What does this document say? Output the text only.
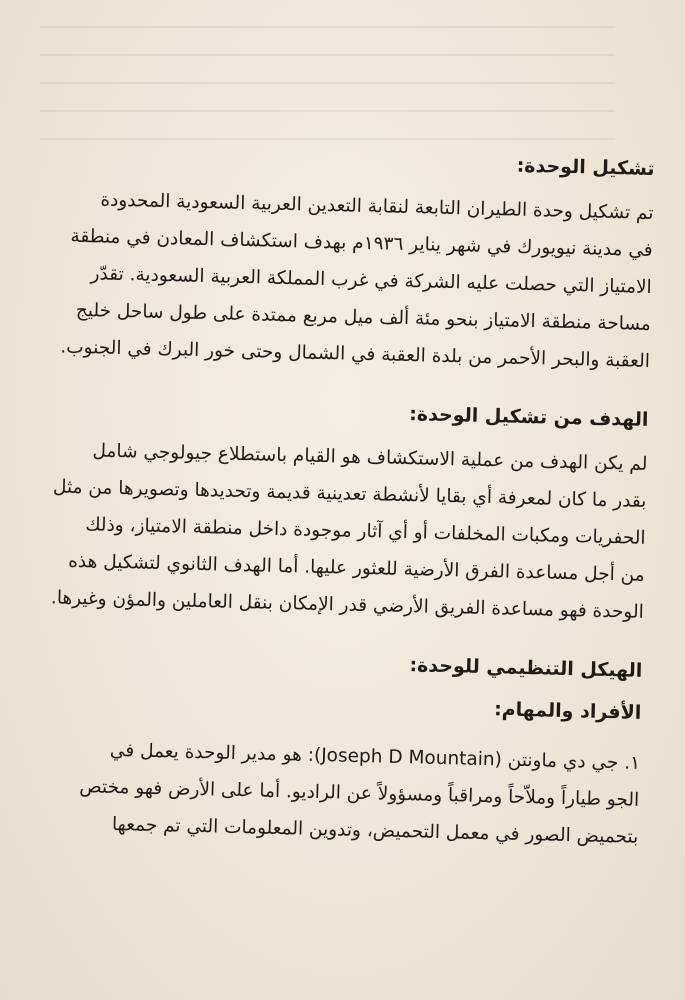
تشكيل الوحدة:
تم تشكيل وحدة الطيران التابعة لنقابة التعدين العربية السعودية المحدودة
في مدينة نيويورك في شهر يناير ١٩٣٦م بهدف استكشاف المعادن في منطقة
الامتياز التي حصلت عليه الشركة في غرب المملكة العربية السعودية. تقدّر
مساحة منطقة الامتياز بنحو مئة ألف ميل مربع ممتدة على طول ساحل خليج
العقبة والبحر الأحمر من بلدة العقبة في الشمال وحتى خور البرك في الجنوب.
الهدف من تشكيل الوحدة:
لم يكن الهدف من عملية الاستكشاف هو القيام باستطلاع جيولوجي شامل
بقدر ما كان لمعرفة أي بقايا لأنشطة تعدينية قديمة وتحديدها وتصويرها من مثل
الحفريات ومكبات المخلفات أو أي آثار موجودة داخل منطقة الامتياز، وذلك
من أجل مساعدة الفرق الأرضية للعثور عليها. أما الهدف الثانوي لتشكيل هذه
الوحدة فهو مساعدة الفريق الأرضي قدر الإمكان بنقل العاملين والمؤن وغيرها.
الهيكل التنظيمي للوحدة:
الأفراد والمهام:
١. جي دي ماونتن (Joseph D Mountain): هو مدير الوحدة يعمل في
الجو طياراً وملاّحاً ومراقباً ومسؤولاً عن الراديو. أما على الأرض فهو مختص
بتحميض الصور في معمل التحميض، وتدوين المعلومات التي تم جمعها
